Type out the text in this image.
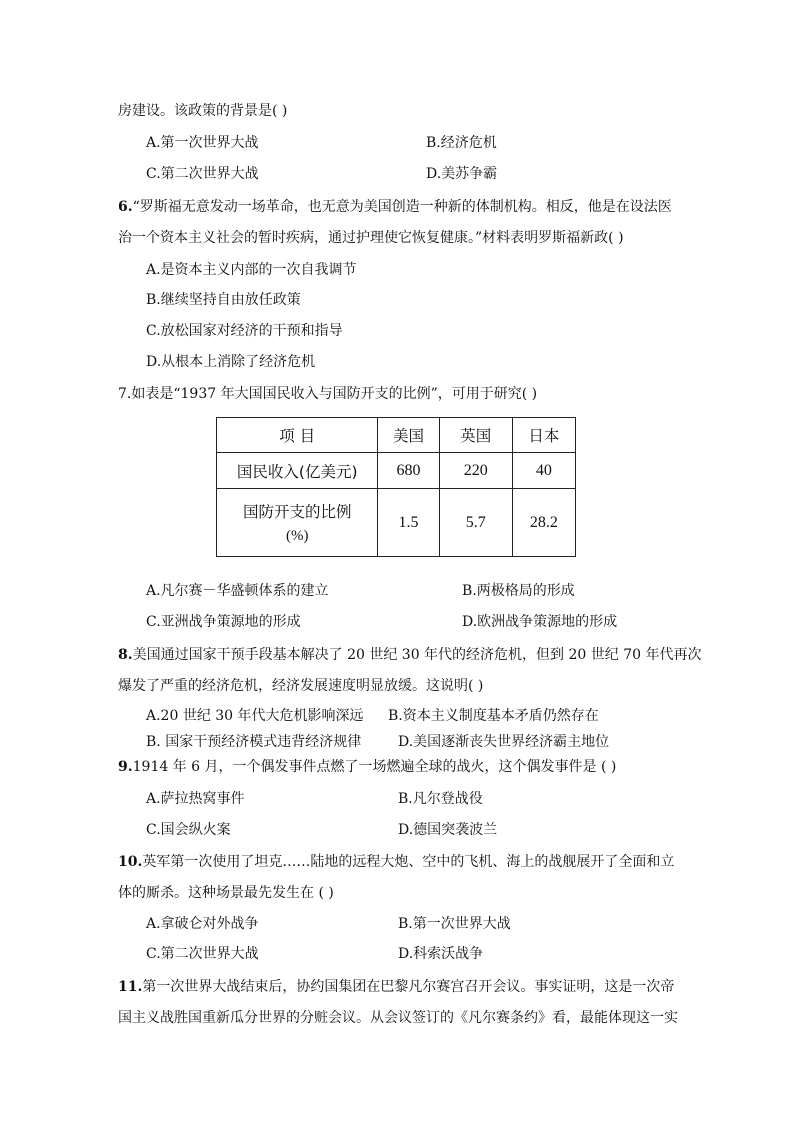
房建设。该政策的背景是( )
A.第一次世界大战	B.经济危机
C.第二次世界大战	D.美苏争霸
6.“罗斯福无意发动一场革命，也无意为美国创造一种新的体制机构。相反，他是在设法医
治一个资本主义社会的暂时疾病，通过护理使它恢复健康。”材料表明罗斯福新政( )
A.是资本主义内部的一次自我调节
B.继续坚持自由放任政策
C.放松国家对经济的干预和指导
D.从根本上消除了经济危机
7.如表是“1937 年大国国民收入与国防开支的比例”，可用于研究( )
项 目	美国	英国	日本
国民收入(亿美元)	680	220	40
国防开支的比例
(%)	1.5	5.7	28.2
A.凡尔赛－华盛顿体系的建立	B.两极格局的形成
C.亚洲战争策源地的形成	D.欧洲战争策源地的形成
8.美国通过国家干预手段基本解决了 20 世纪 30 年代的经济危机，但到 20 世纪 70 年代再次
爆发了严重的经济危机，经济发展速度明显放缓。这说明( )
A.20 世纪 30 年代大危机影响深远 B.资本主义制度基本矛盾仍然存在
B. 国家干预经济模式违背经济规律	D.美国逐渐丧失世界经济霸主地位
9.1914 年 6 月，一个偶发事件点燃了一场燃遍全球的战火，这个偶发事件是 ( )
A.萨拉热窝事件	B.凡尔登战役
C.国会纵火案	D.德国突袭波兰
10.英军第一次使用了坦克……陆地的远程大炮、空中的飞机、海上的战舰展开了全面和立
体的厮杀。这种场景最先发生在 ( )
A.拿破仑对外战争	B.第一次世界大战
C.第二次世界大战	D.科索沃战争
11.第一次世界大战结束后，协约国集团在巴黎凡尔赛宫召开会议。事实证明，这是一次帝
国主义战胜国重新瓜分世界的分赃会议。从会议签订的《凡尔赛条约》看，最能体现这一实
